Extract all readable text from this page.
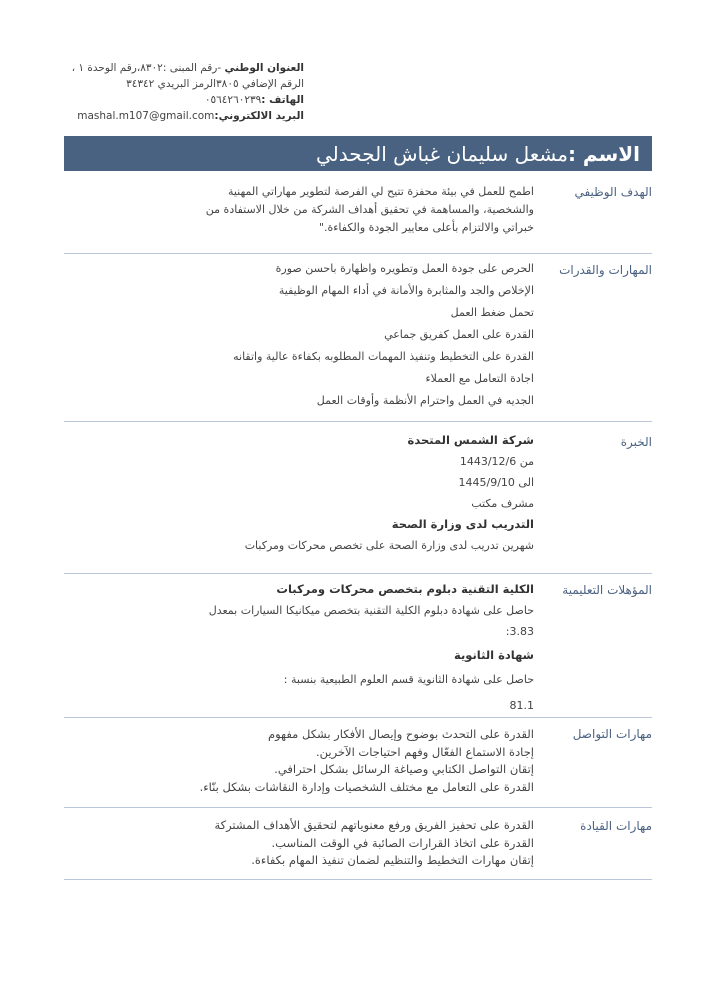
العنوان الوطني -رقم المبنى :٨٣٠٢،رقم الوحدة ١ ،
الرقم الإضافي ٣٨٠٥الرمز البريدي ٣٤٣٤٢
الهاتف :٠٥٦٤٢٦٠٢٣٩
البريد الالكتروني:mashal.m107@gmail.com
الاسم :
مشعل سليمان غباش الجحدلي
الهدف الوظيفي
اطمح للعمل في بيئة محفزة تتيح لي الفرصة لتطوير مهاراتي المهنية والشخصية، والمساهمة في تحقيق أهداف الشركة من خلال الاستفادة من خبراتي والالتزام بأعلى معايير الجودة والكفاءة."
المهارات والقدرات
الحرص على جودة العمل وتطويره واظهارة باحسن صورة
الإخلاص والجد والمثابرة والأمانة في أداء المهام الوظيفية
تحمل ضغط العمل
القدرة على العمل كفريق جماعي
القدرة على التخطيط وتنفيذ المهمات المطلوبه بكفاءة عالية واتقانه
اجادة التعامل مع العملاء
الجديه في العمل واحترام الأنظمة وأوقات العمل
الخبرة
شركة الشمس المتحدة
من 1443/12/6
الى 1445/9/10
مشرف مكتب
التدريب لدى وزارة الصحة
شهرين تدريب لدى وزارة الصحة على تخصص محركات ومركبات
المؤهلات التعليمية
الكلية التقنية دبلوم بتخصص محركات ومركبات
حاصل على شهادة دبلوم الكلية التقنية بتخصص ميكانيكا السيارات بمعدل
3.83:
شهادة الثانوية
حاصل على شهادة الثانوية قسم العلوم الطبيعية بنسبة :
81.1
مهارات التواصل
القدرة على التحدث بوضوح وإيصال الأفكار بشكل مفهوم
إجادة الاستماع الفعّال وفهم احتياجات الآخرين.
إتقان التواصل الكتابي وصياغة الرسائل بشكل احترافي.
القدرة على التعامل مع مختلف الشخصيات وإدارة النقاشات بشكل بنّاء.
مهارات القيادة
القدرة على تحفيز الفريق ورفع معنوياتهم لتحقيق الأهداف المشتركة
القدرة على اتخاذ القرارات الصائبة في الوقت المناسب.
إتقان مهارات التخطيط والتنظيم لضمان تنفيذ المهام بكفاءة.
